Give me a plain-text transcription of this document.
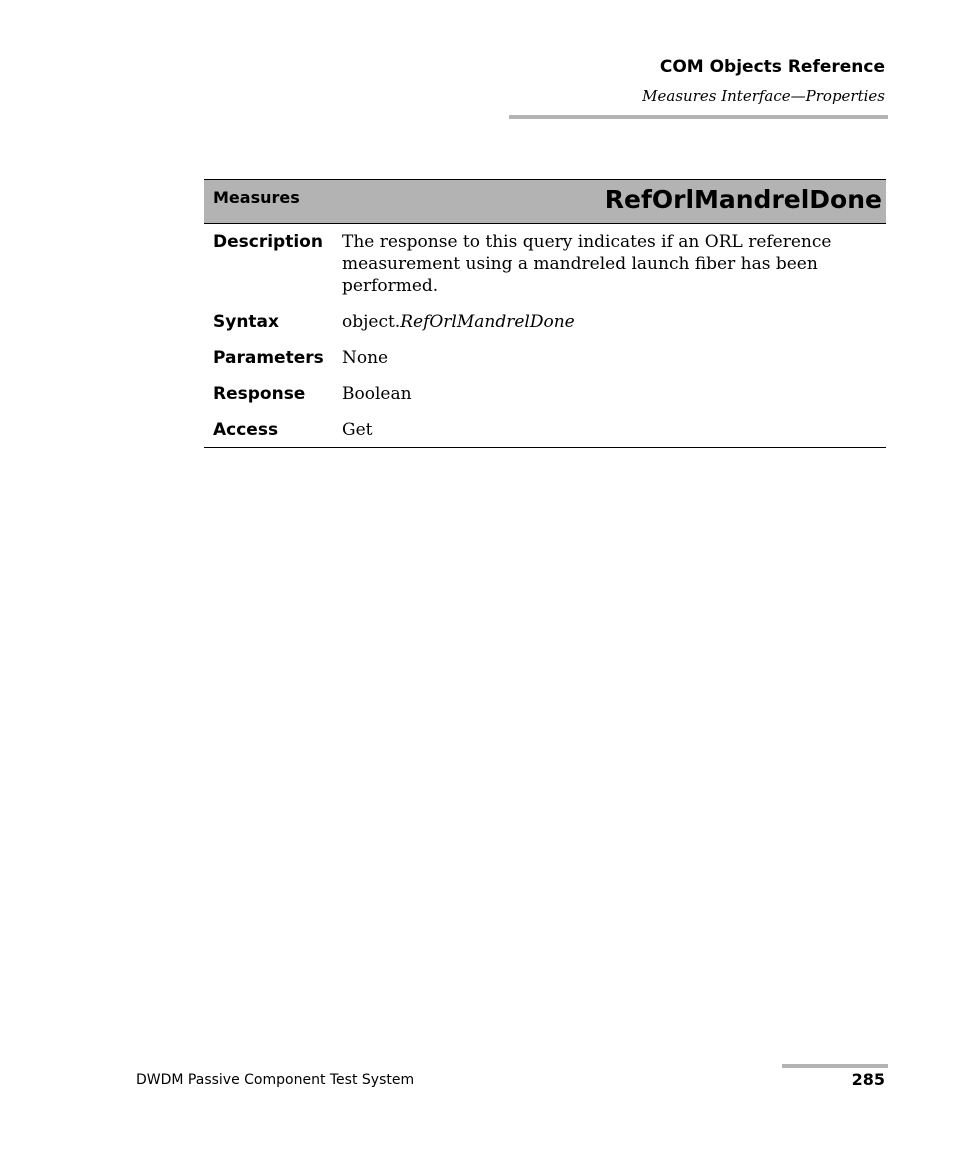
COM Objects Reference
Measures Interface—Properties
Measures	RefOrlMandrelDone
Description	The response to this query indicates if an ORL reference measurement using a mandreled launch fiber has been performed.
Syntax	object.RefOrlMandrelDone
Parameters	None
Response	Boolean
Access	Get
DWDM Passive Component Test System	285
